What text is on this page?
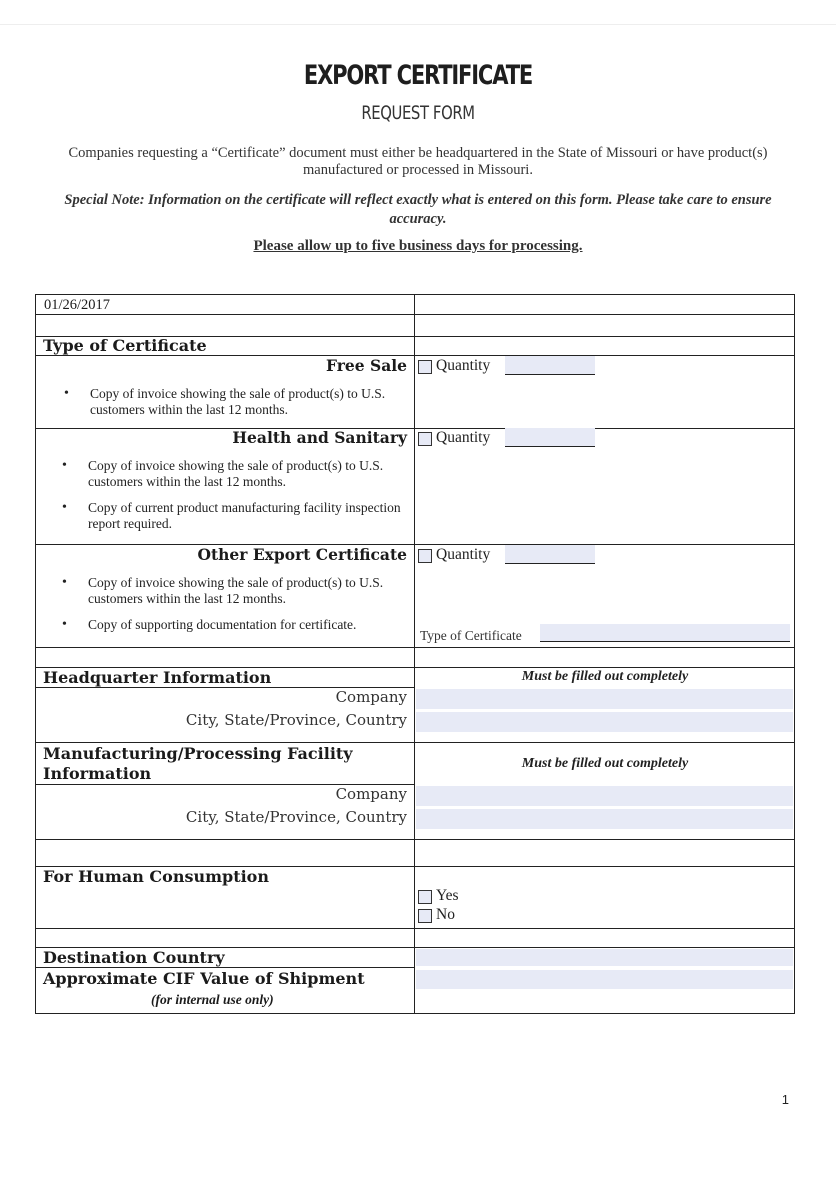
EXPORT CERTIFICATE
REQUEST FORM
Companies requesting a “Certificate” document must either be headquartered in the State of Missouri or have product(s) manufactured or processed in Missouri.
Special Note: Information on the certificate will reflect exactly what is entered on this form. Please take care to ensure accuracy.
Please allow up to five business days for processing.
01/26/2017
Type of Certificate
Free Sale
• Copy of invoice showing the sale of product(s) to U.S. customers within the last 12 months.
Quantity
Health and Sanitary
• Copy of invoice showing the sale of product(s) to U.S. customers within the last 12 months.
• Copy of current product manufacturing facility inspection report required.
Quantity
Other Export Certificate
• Copy of invoice showing the sale of product(s) to U.S. customers within the last 12 months.
• Copy of supporting documentation for certificate.
Quantity
Type of Certificate
Headquarter Information	Must be filled out completely
Company
City, State/Province, Country
Manufacturing/Processing Facility Information
Must be filled out completely
Company
City, State/Province, Country
For Human Consumption
Yes
No
Destination Country
Approximate CIF Value of Shipment
(for internal use only)
1
